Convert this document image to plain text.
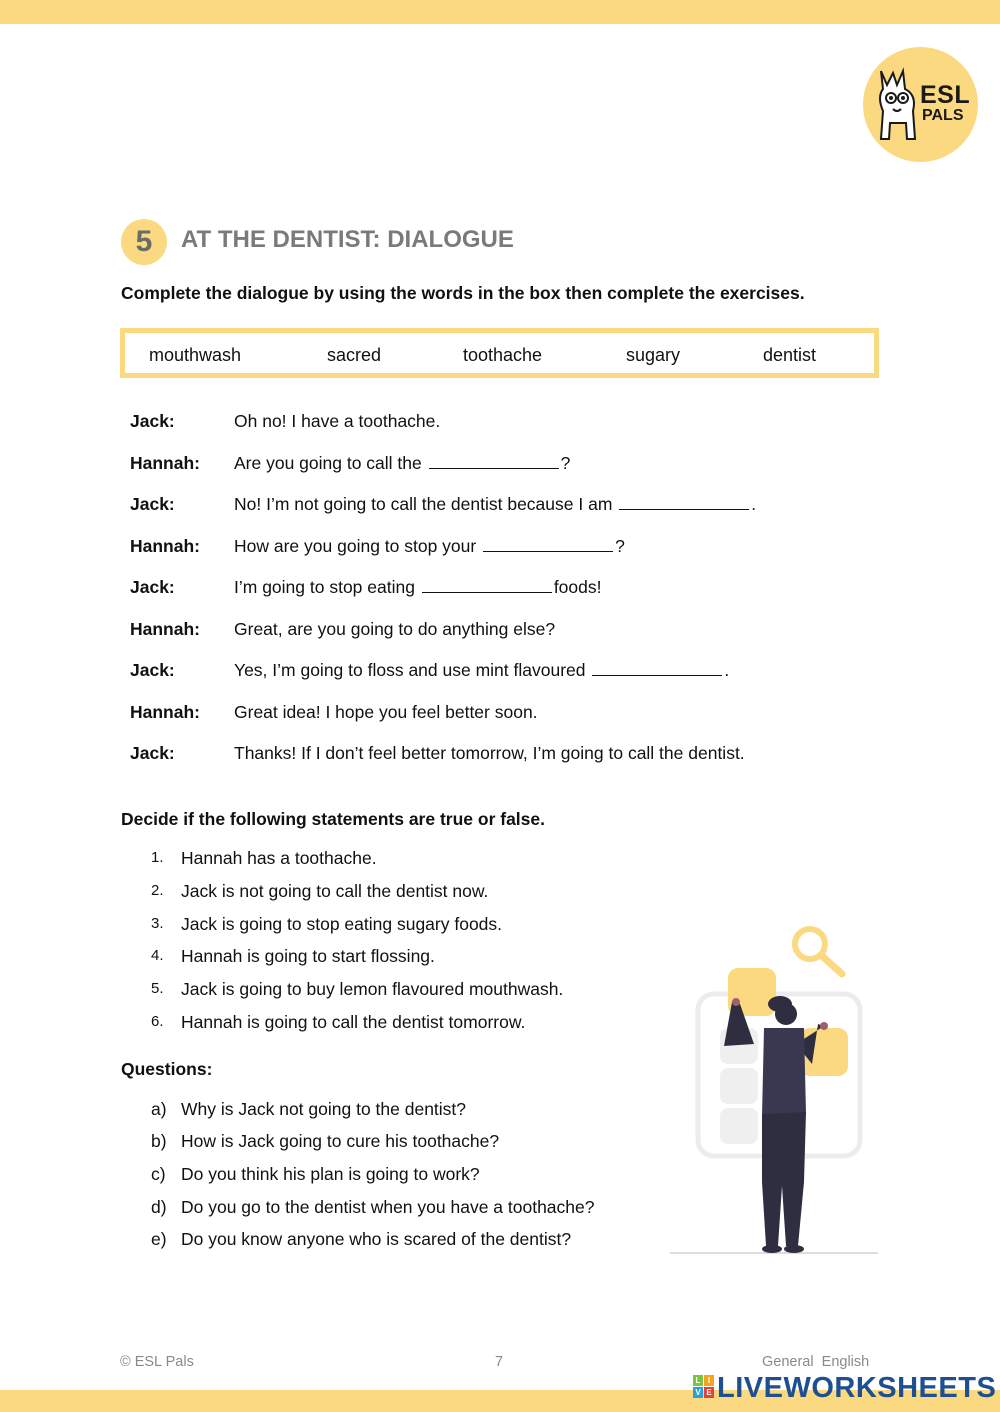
ESL
PALS
5	AT THE DENTIST: DIALOGUE
Complete the dialogue by using the words in the box then complete the exercises.
mouthwash	sacred	toothache	sugary	dentist
Jack:	Oh no! I have a toothache.
Hannah:	Are you going to call the	?
Jack:	No! I’m not going to call the dentist because I am	.
Hannah:	How are you going to stop your	?
Jack:	I’m going to stop eating	foods!
Hannah:	Great, are you going to do anything else?
Jack:	Yes, I’m going to floss and use mint flavoured	.
Hannah:	Great idea! I hope you feel better soon.
Jack:	Thanks! If I don’t feel better tomorrow, I’m going to call the dentist.
Decide if the following statements are true or false.
1. Hannah has a toothache.
2. Jack is not going to call the dentist now.
3. Jack is going to stop eating sugary foods.
4. Hannah is going to start flossing.
5. Jack is going to buy lemon flavoured mouthwash.
6. Hannah is going to call the dentist tomorrow.
Questions:
a) Why is Jack not going to the dentist?
b) How is Jack going to cure his toothache?
c) Do you think his plan is going to work?
d) Do you go to the dentist when you have a toothache?
e) Do you know anyone who is scared of the dentist?
© ESL Pals	7	General  English
L I
V E LIVEWORKSHEETS
